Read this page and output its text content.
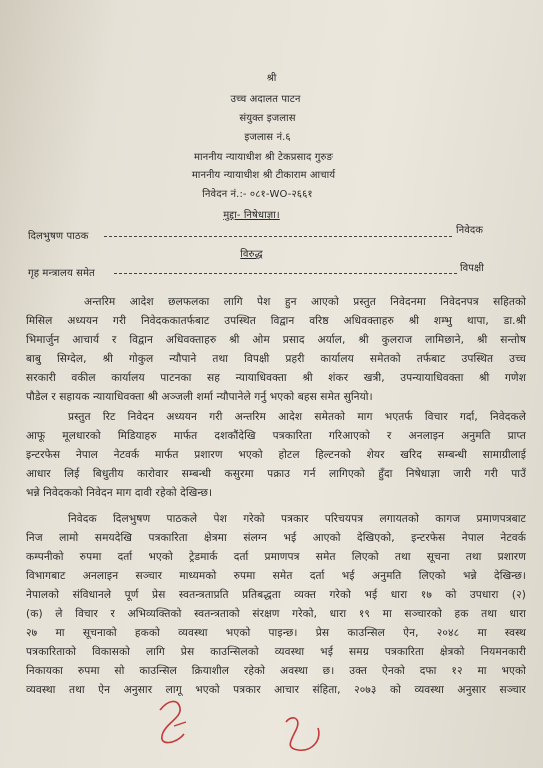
श्री
उच्च अदालत पाटन
संयुक्त इजलास
इजलास नं.६
माननीय न्यायाधीश श्री टेकप्रसाद गुरुङ
माननीय न्यायाधीश श्री टीकाराम आचार्य
निवेदन नं.:- ०८१-WO-२६६१
मुद्दा- निषेधाज्ञा।
दिलभुषण पाठक
निवेदक
विरुद्ध
गृह मन्त्रालय समेत	विपक्षी
अन्तरिम आदेश छलफलका लागि पेश हुन आएको प्रस्तुत निवेदनमा निवेदनपत्र सहितको
मिसिल अध्ययन गरी निवेदककातर्फबाट उपस्थित विद्वान वरिष्ठ अधिवक्ताहरु श्री शम्भु थापा, डा.श्री
भिमार्जुन आचार्य र विद्वान अधिवक्ताहरु श्री ओम प्रसाद अर्याल, श्री कुलराज लामिछाने, श्री सन्तोष
बाबु सिग्देल, श्री गोकुल न्यौपाने तथा विपक्षी प्रहरी कार्यालय समेतको तर्फबाट उपस्थित उच्च
सरकारी वकील कार्यालय पाटनका सह न्यायाधिवक्ता श्री शंकर खत्री, उपन्यायाधिवक्ता श्री गणेश
पौडेल र सहायक न्यायाधिवक्ता श्री अञ्जली शर्मा न्यौपानेले गर्नु भएको बहस समेत सुनियो।
प्रस्तुत रिट निवेदन अध्ययन गरी अन्तरिम आदेश समेतको माग भएतर्फ विचार गर्दा, निवेदकले
आफू मूलधारको मिडियाहरु मार्फत दशकौंदेखि पत्रकारिता गरिआएको र अनलाइन अनुमति प्राप्त
इन्टरफेस नेपाल नेटवर्क मार्फत प्रशारण भएको होटल हिल्टनको शेयर खरिद सम्बन्धी सामाग्रीलाई
आधार लिई बिधुतीय कारोवार सम्बन्धी कसुरमा पक्राउ गर्न लागिएको हुँदा निषेधाज्ञा जारी गरी पाउँ
भन्ने निवेदकको निवेदन माग दावी रहेको देखिन्छ।
निवेदक दिलभुषण पाठकले पेश गरेको पत्रकार परिचयपत्र लगायतको कागज प्रमाणपत्रबाट
निज लामो समयदेखि पत्रकारिता क्षेत्रमा संलग्न भई आएको देखिएको, इन्टरफेस नेपाल नेटवर्क
कम्पनीको रुपमा दर्ता भएको ट्रेडमार्क दर्ता प्रमाणपत्र समेत लिएको तथा सूचना तथा प्रशारण
विभागबाट अनलाइन सञ्चार माध्यमको रुपमा समेत दर्ता भई अनुमति लिएको भन्ने देखिन्छ।
नेपालको संविधानले पूर्ण प्रेस स्वतन्त्रताप्रति प्रतिबद्धता व्यक्त गरेको भई धारा १७ को उपधारा (२)
(क) ले विचार र अभिव्यक्तिको स्वतन्त्रताको संरक्षण गरेको, धारा १९ मा सञ्चारको हक तथा धारा
२७ मा सूचनाको हकको व्यवस्था भएको पाइन्छ। प्रेस काउन्सिल ऐन, २०४८ मा स्वस्थ
पत्रकारिताको विकासको लागि प्रेस काउन्सिलको व्यवस्था भई समग्र पत्रकारिता क्षेत्रको नियमनकारी
निकायका रुपमा सो काउन्सिल क्रियाशील रहेको अवस्था छ। उक्त ऐनको दफा १२ मा भएको
व्यवस्था तथा ऐन अनुसार लागू भएको पत्रकार आचार संहिता, २०७३ को व्यवस्था अनुसार सञ्चार
